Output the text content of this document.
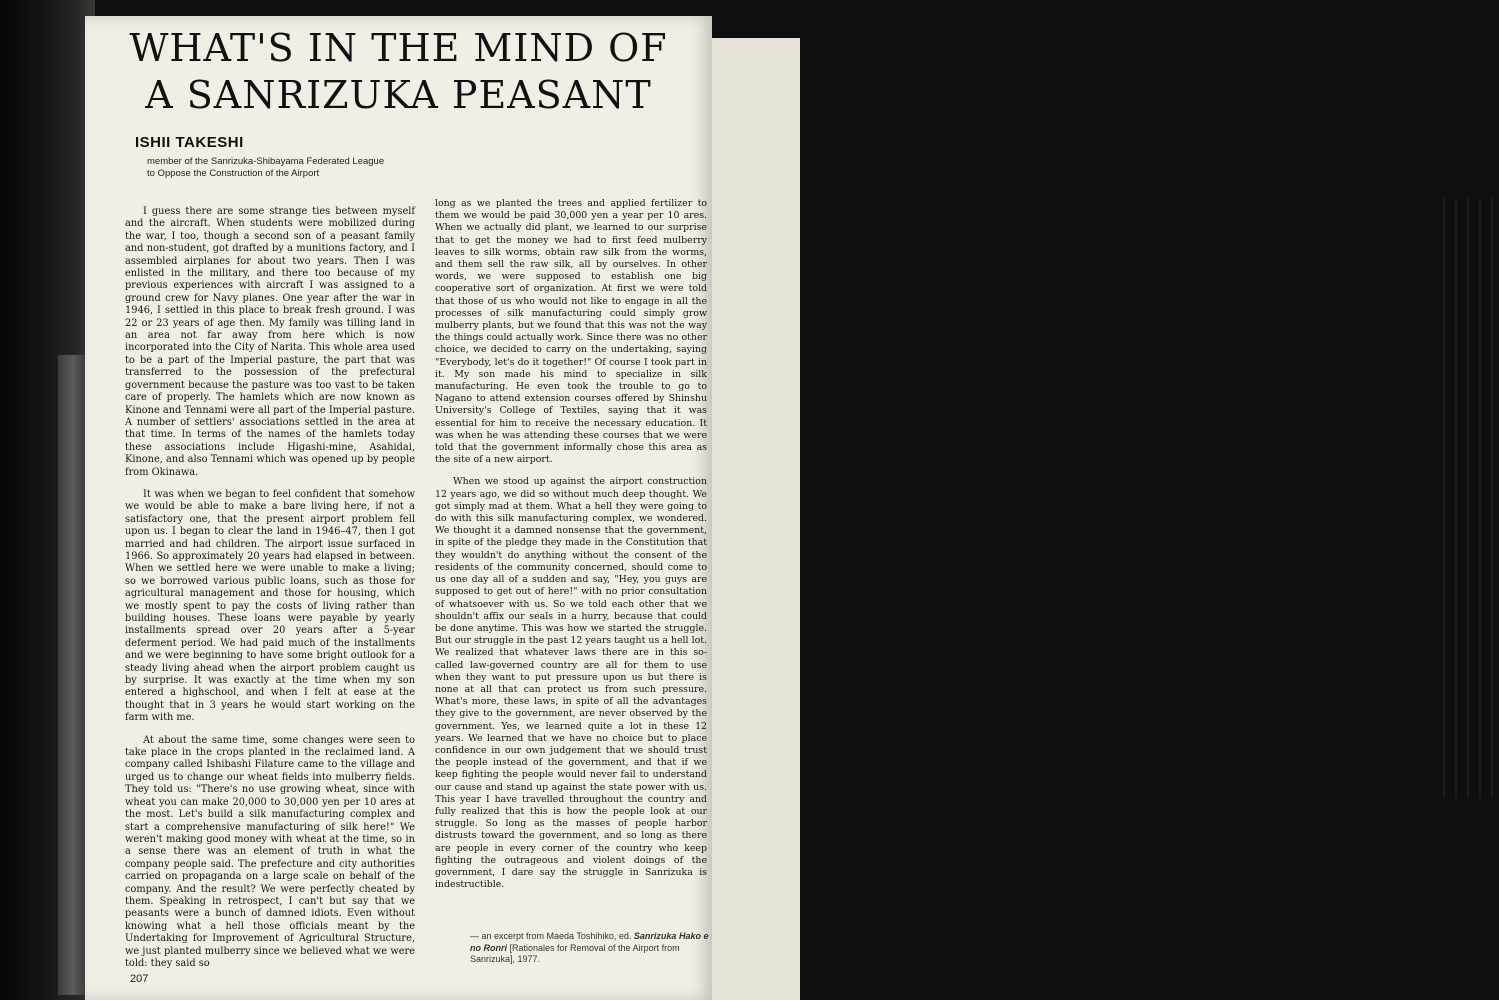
WHAT'S IN THE MIND OF
A SANRIZUKA PEASANT
ISHII TAKESHI
member of the Sanrizuka-Shibayama Federated League to Oppose the Construction of the Airport

I guess there are some strange ties between myself and the aircraft. When students were mobilized during the war, I too, though a second son of a peasant family and non-student, got drafted by a munitions factory, and I assembled airplanes for about two years. Then I was enlisted in the military, and there too because of my previous experiences with aircraft I was assigned to a ground crew for Navy planes. One year after the war in 1946, I settled in this place to break fresh ground. I was 22 or 23 years of age then. My family was tilling land in an area not far away from here which is now incorporated into the City of Narita. This whole area used to be a part of the Imperial pasture, the part that was transferred to the possession of the prefectural government because the pasture was too vast to be taken care of properly. The hamlets which are now known as Kinone and Tennami were all part of the Imperial pasture. A number of settlers' associations settled in the area at that time. In terms of the names of the hamlets today these associations include Higashi-mine, Asahidai, Kinone, and also Tennami which was opened up by people from Okinawa.

It was when we began to feel confident that somehow we would be able to make a bare living here, if not a satisfactory one, that the present airport problem fell upon us. I began to clear the land in 1946–47, then I got married and had children. The airport issue surfaced in 1966. So approximately 20 years had elapsed in between. When we settled here we were unable to make a living; so we borrowed various public loans, such as those for agricultural management and those for housing, which we mostly spent to pay the costs of living rather than building houses. These loans were payable by yearly installments spread over 20 years after a 5-year deferment period. We had paid much of the installments and we were beginning to have some bright outlook for a steady living ahead when the airport problem caught us by surprise. It was exactly at the time when my son entered a highschool, and when I felt at ease at the thought that in 3 years he would start working on the farm with me.

At about the same time, some changes were seen to take place in the crops planted in the reclaimed land. A company called Ishibashi Filature came to the village and urged us to change our wheat fields into mulberry fields. They told us: "There's no use growing wheat, since with wheat you can make 20,000 to 30,000 yen per 10 ares at the most. Let's build a silk manufacturing complex and start a comprehensive manufacturing of silk here!" We weren't making good money with wheat at the time, so in a sense there was an element of truth in what the company people said. The prefecture and city authorities carried on propaganda on a large scale on behalf of the company. And the result? We were perfectly cheated by them. Speaking in retrospect, I can't but say that we peasants were a bunch of damned idiots. Even without knowing what a hell those officials meant by the Undertaking for Improvement of Agricultural Structure, we just planted mulberry since we believed what we were told: they said so

long as we planted the trees and applied fertilizer to them we would be paid 30,000 yen a year per 10 ares. When we actually did plant, we learned to our surprise that to get the money we had to first feed mulberry leaves to silk worms, obtain raw silk from the worms, and them sell the raw silk, all by ourselves. In other words, we were supposed to establish one big cooperative sort of organization. At first we were told that those of us who would not like to engage in all the processes of silk manufacturing could simply grow mulberry plants, but we found that this was not the way the things could actually work. Since there was no other choice, we decided to carry on the undertaking, saying "Everybody, let's do it together!" Of course I took part in it. My son made his mind to specialize in silk manufacturing. He even took the trouble to go to Nagano to attend extension courses offered by Shinshu University's College of Textiles, saying that it was essential for him to receive the necessary education. It was when he was attending these courses that we were told that the government informally chose this area as the site of a new airport.

When we stood up against the airport construction 12 years ago, we did so without much deep thought. We got simply mad at them. What a hell they were going to do with this silk manufacturing complex, we wondered. We thought it a damned nonsense that the government, in spite of the pledge they made in the Constitution that they wouldn't do anything without the consent of the residents of the community concerned, should come to us one day all of a sudden and say, "Hey, you guys are supposed to get out of here!" with no prior consultation of whatsoever with us. So we told each other that we shouldn't affix our seals in a hurry, because that could be done anytime. This was how we started the struggle. But our struggle in the past 12 years taught us a hell lot. We realized that whatever laws there are in this so-called law-governed country are all for them to use when they want to put pressure upon us but there is none at all that can protect us from such pressure. What's more, these laws, in spite of all the advantages they give to the government, are never observed by the government. Yes, we learned quite a lot in these 12 years. We learned that we have no choice but to place confidence in our own judgement that we should trust the people instead of the government, and that if we keep fighting the people would never fail to understand our cause and stand up against the state power with us. This year I have travelled throughout the country and fully realized that this is how the people look at our struggle. So long as the masses of people harbor distrusts toward the government, and so long as there are people in every corner of the country who keep fighting the outrageous and violent doings of the government, I dare say the struggle in Sanrizuka is indestructible.

— an excerpt from Maeda Toshihiko, ed. Sanrizuka Hako e no Ronri [Rationales for Removal of the Airport from Sanrizuka], 1977.
207
